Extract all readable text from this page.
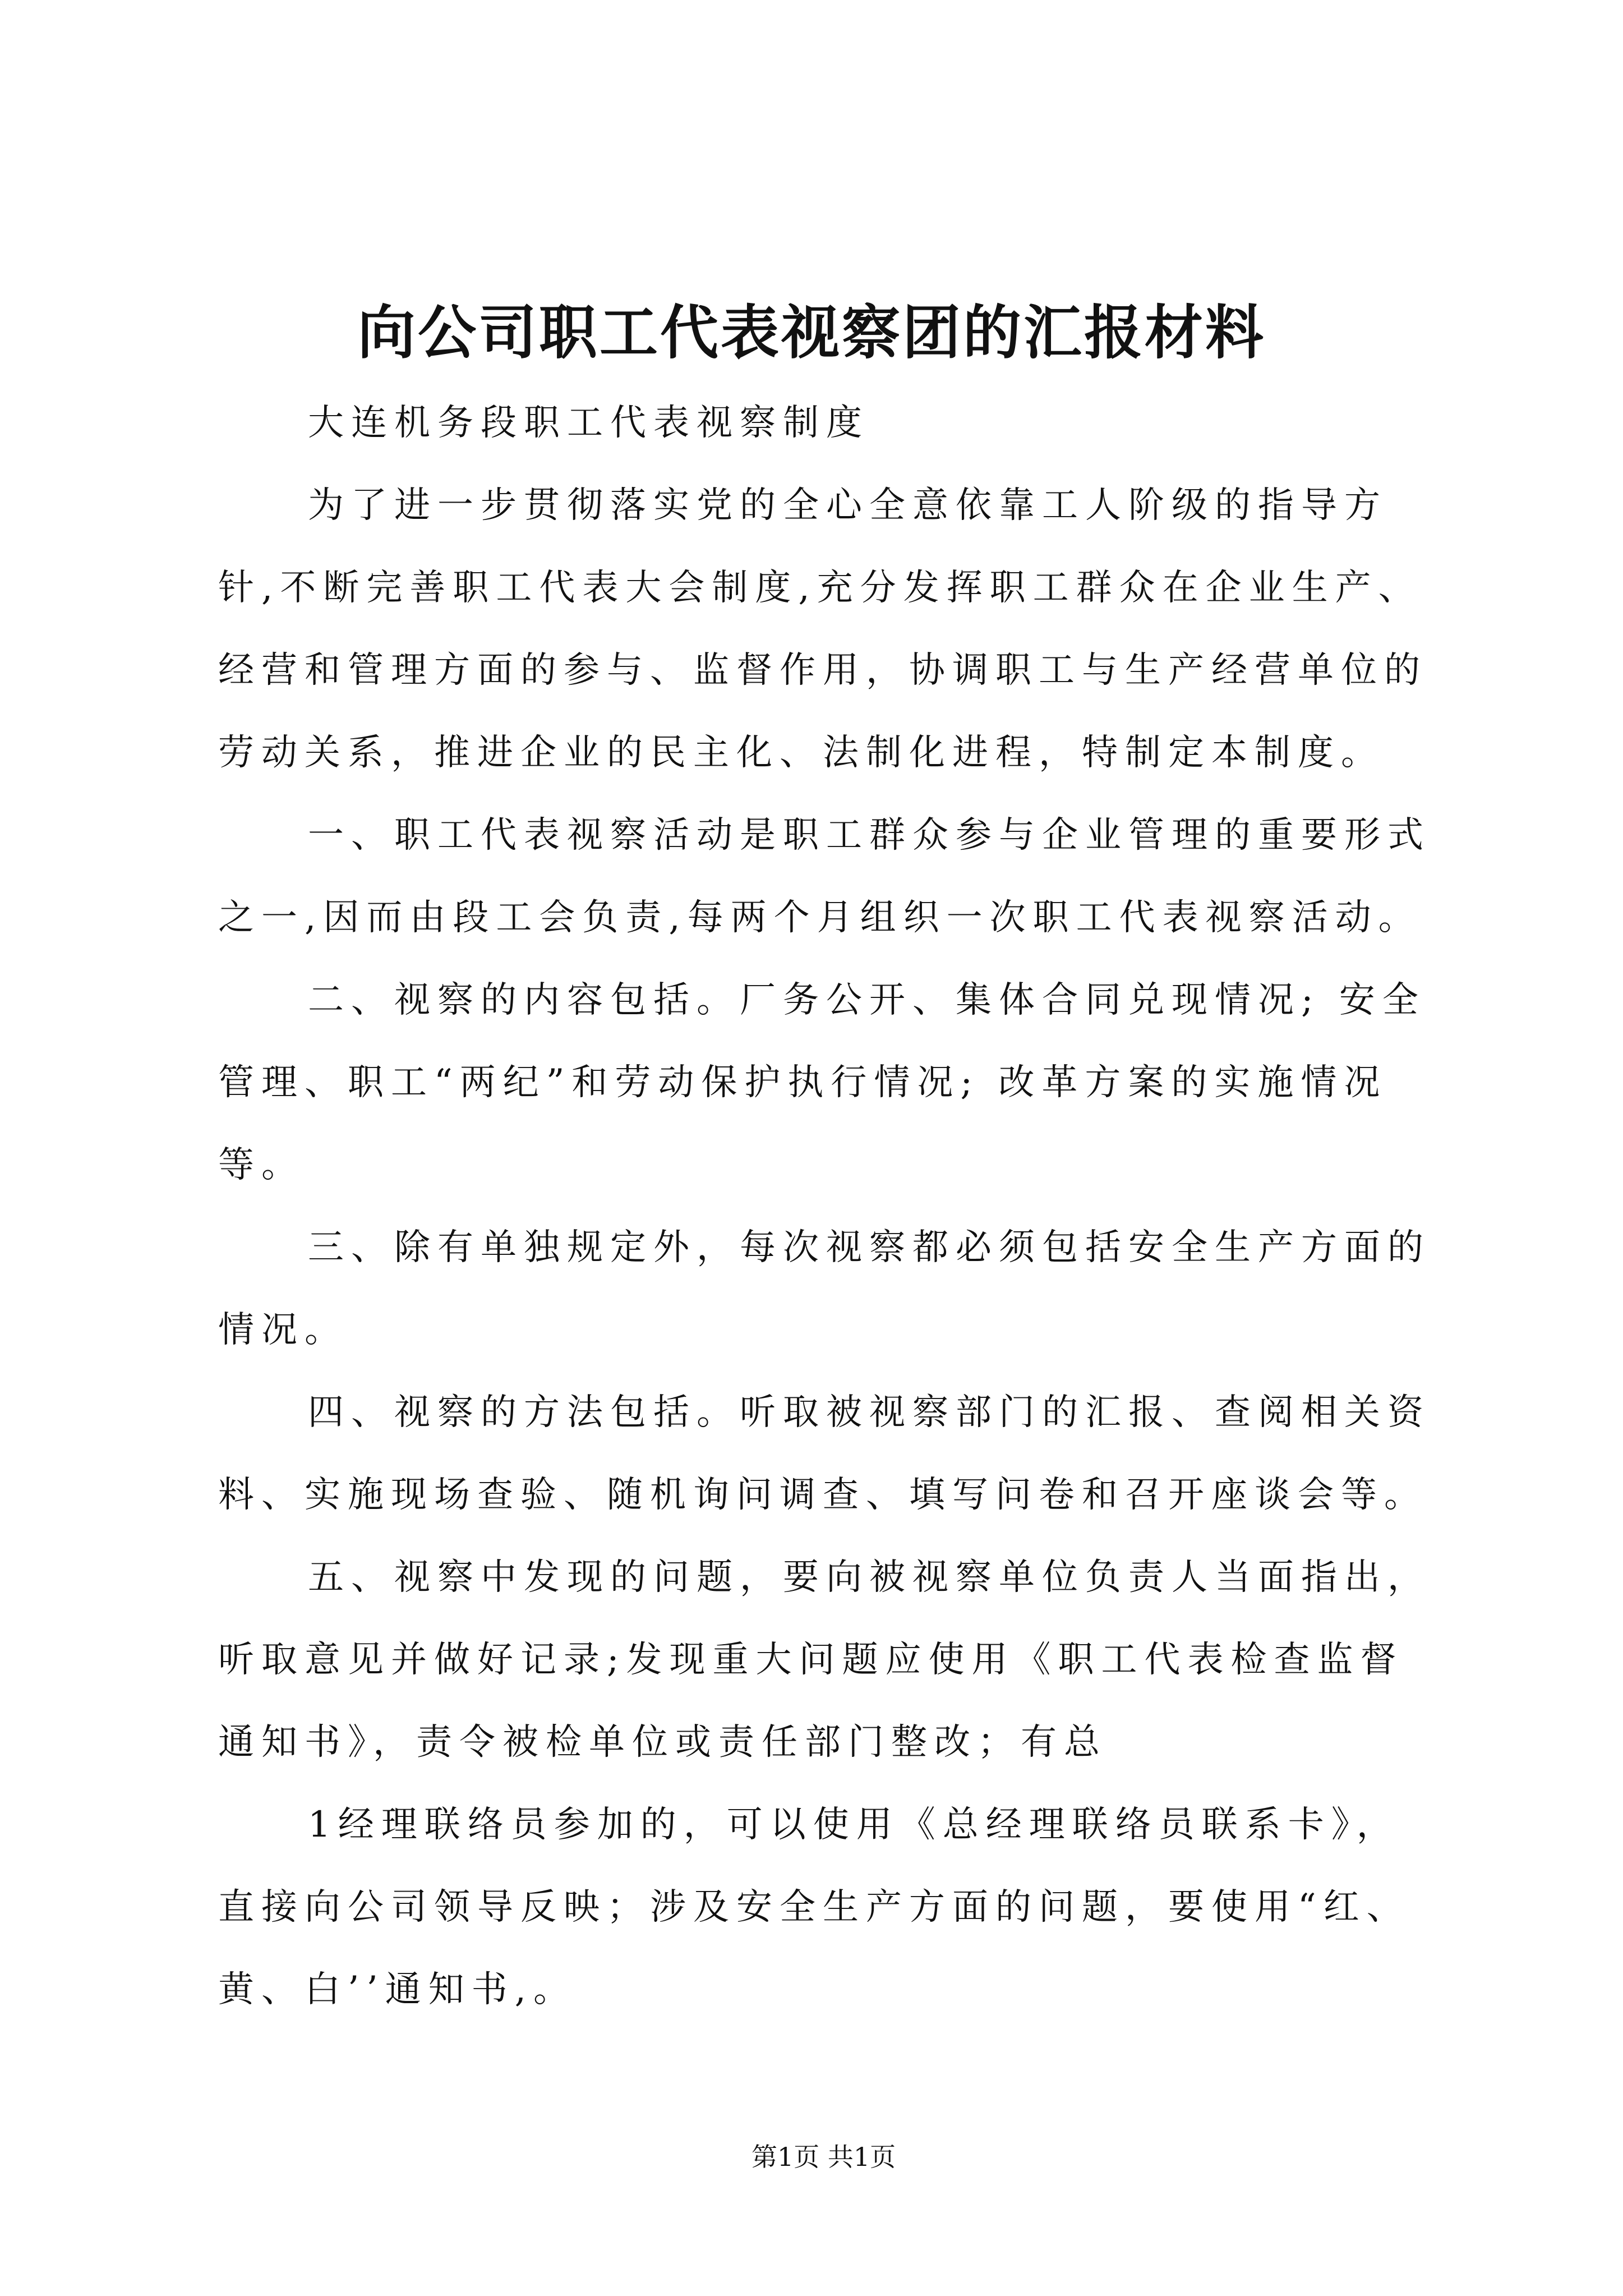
向公司职工代表视察团的汇报材料
大连机务段职工代表视察制度
为了进一步贯彻落实党的全心全意依靠工人阶级的指导方
针,不断完善职工代表大会制度,充分发挥职工群众在企业生产、
经营和管理方面的参与、监督作用，协调职工与生产经营单位的
劳动关系，推进企业的民主化、法制化进程，特制定本制度。
一、职工代表视察活动是职工群众参与企业管理的重要形式
之一,因而由段工会负责,每两个月组织一次职工代表视察活动。
二、视察的内容包括。厂务公开、集体合同兑现情况; 安全
管理、职工“两纪”和劳动保护执行情况; 改革方案的实施情况
等。
三、除有单独规定外，每次视察都必须包括安全生产方面的
情况。
四、视察的方法包括。听取被视察部门的汇报、查阅相关资
料、实施现场查验、随机询问调查、填写问卷和召开座谈会等。
五、视察中发现的问题，要向被视察单位负责人当面指出，
听取意见并做好记录;发现重大问题应使用《职工代表检查监督
通知书》，责令被检单位或责任部门整改；有总
1经理联络员参加的，可以使用《总经理联络员联系卡》，
直接向公司领导反映；涉及安全生产方面的问题，要使用“红、
黄、白’’通知书,。
第1页 共1页
